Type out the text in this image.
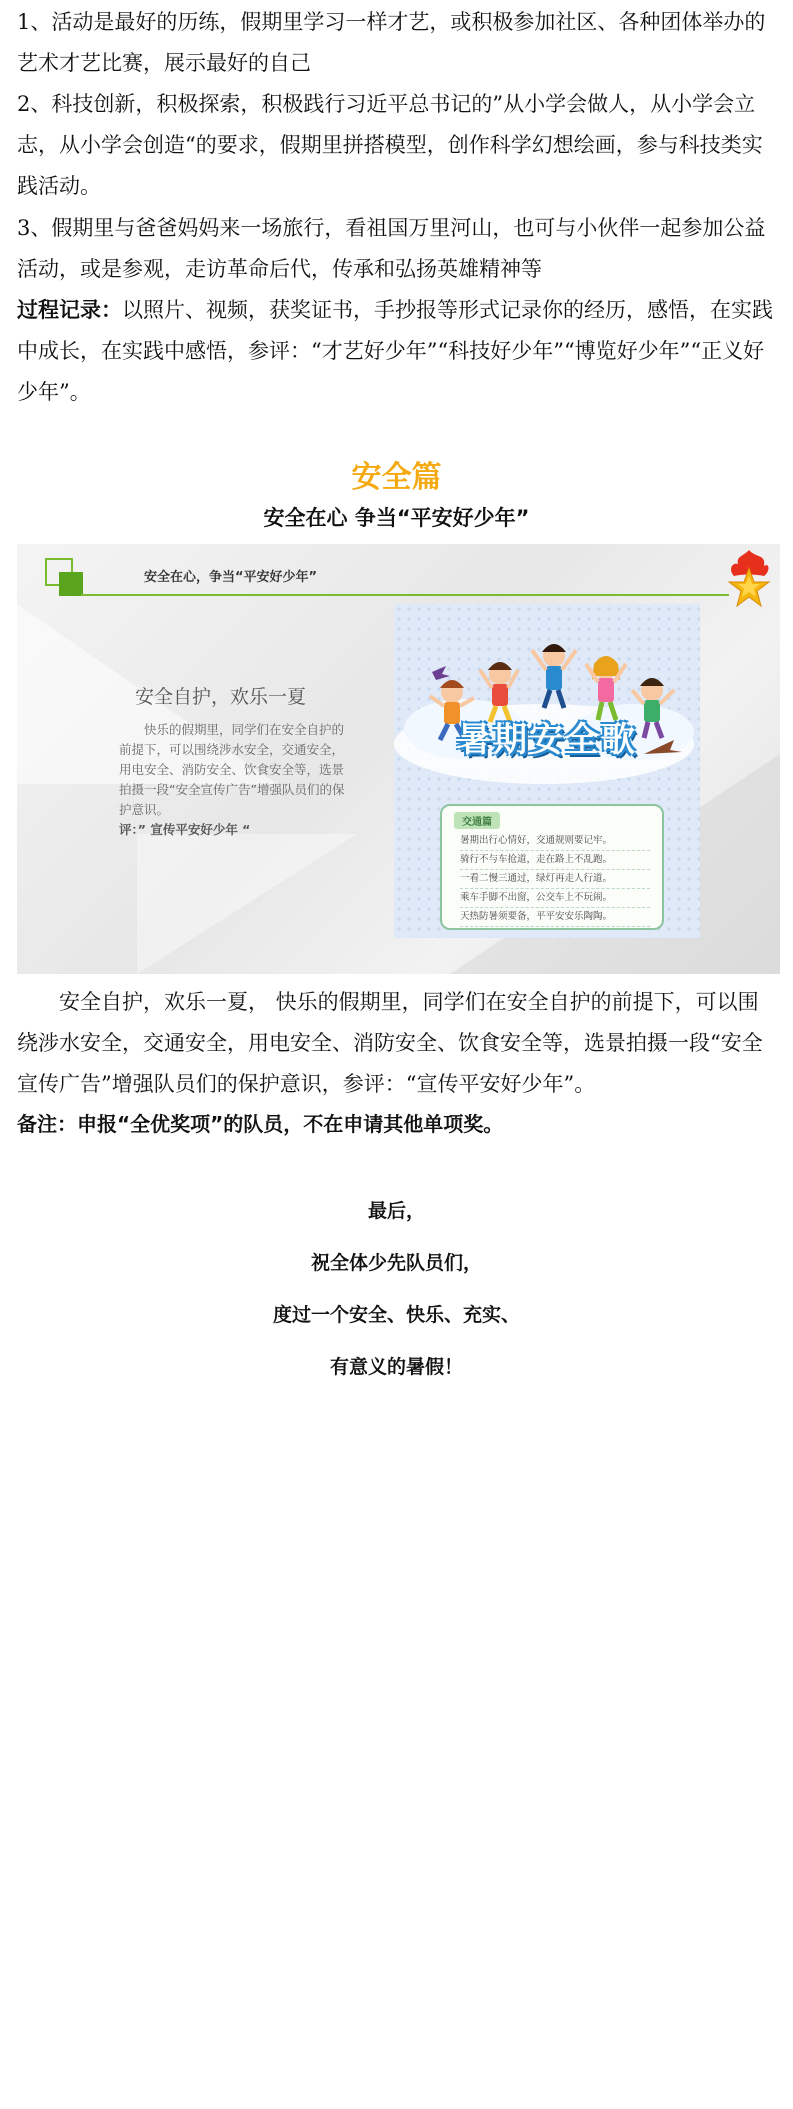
1、活动是最好的历练，假期里学习一样才艺，或积极参加社区、各种团体举办的艺术才艺比赛，展示最好的自己

2、科技创新，积极探索，积极践行习近平总书记的”从小学会做人，从小学会立志，从小学会创造“的要求，假期里拼搭模型，创作科学幻想绘画，参与科技类实践活动。

3、假期里与爸爸妈妈来一场旅行，看祖国万里河山，也可与小伙伴一起参加公益活动，或是参观，走访革命后代，传承和弘扬英雄精神等

过程记录：以照片、视频，获奖证书，手抄报等形式记录你的经历，感悟，在实践中成长，在实践中感悟，参评：“才艺好少年”“科技好少年”“博览好少年”“正义好少年”。

安全篇
安全在心 争当“平安好少年”
安全在心，争当“平安好少年”
安全自护，欢乐一夏
快乐的假期里，同学们在安全自护的前提下，可以围绕涉水安全，交通安全，用电安全、消防安全、饮食安全等，选景拍摄一段“安全宣传广告”增强队员们的保护意识。
评：” 宣传平安好少年 “
暑期安全歌
交通篇
暑期出行心情好，交通规则要记牢。
骑行不与车抢道，走在路上不乱跑。
一看二慢三通过，绿灯再走人行道。
乘车手脚不出窗，公交车上不玩闹。
天热防暑须要备，平平安安乐陶陶。

安全自护，欢乐一夏， 快乐的假期里，同学们在安全自护的前提下，可以围绕涉水安全，交通安全，用电安全、消防安全、饮食安全等，选景拍摄一段“安全宣传广告”增强队员们的保护意识，参评：“宣传平安好少年”。

备注：申报“全优奖项”的队员，不在申请其他单项奖。

最后，
祝全体少先队员们，
度过一个安全、快乐、充实、
有意义的暑假！
